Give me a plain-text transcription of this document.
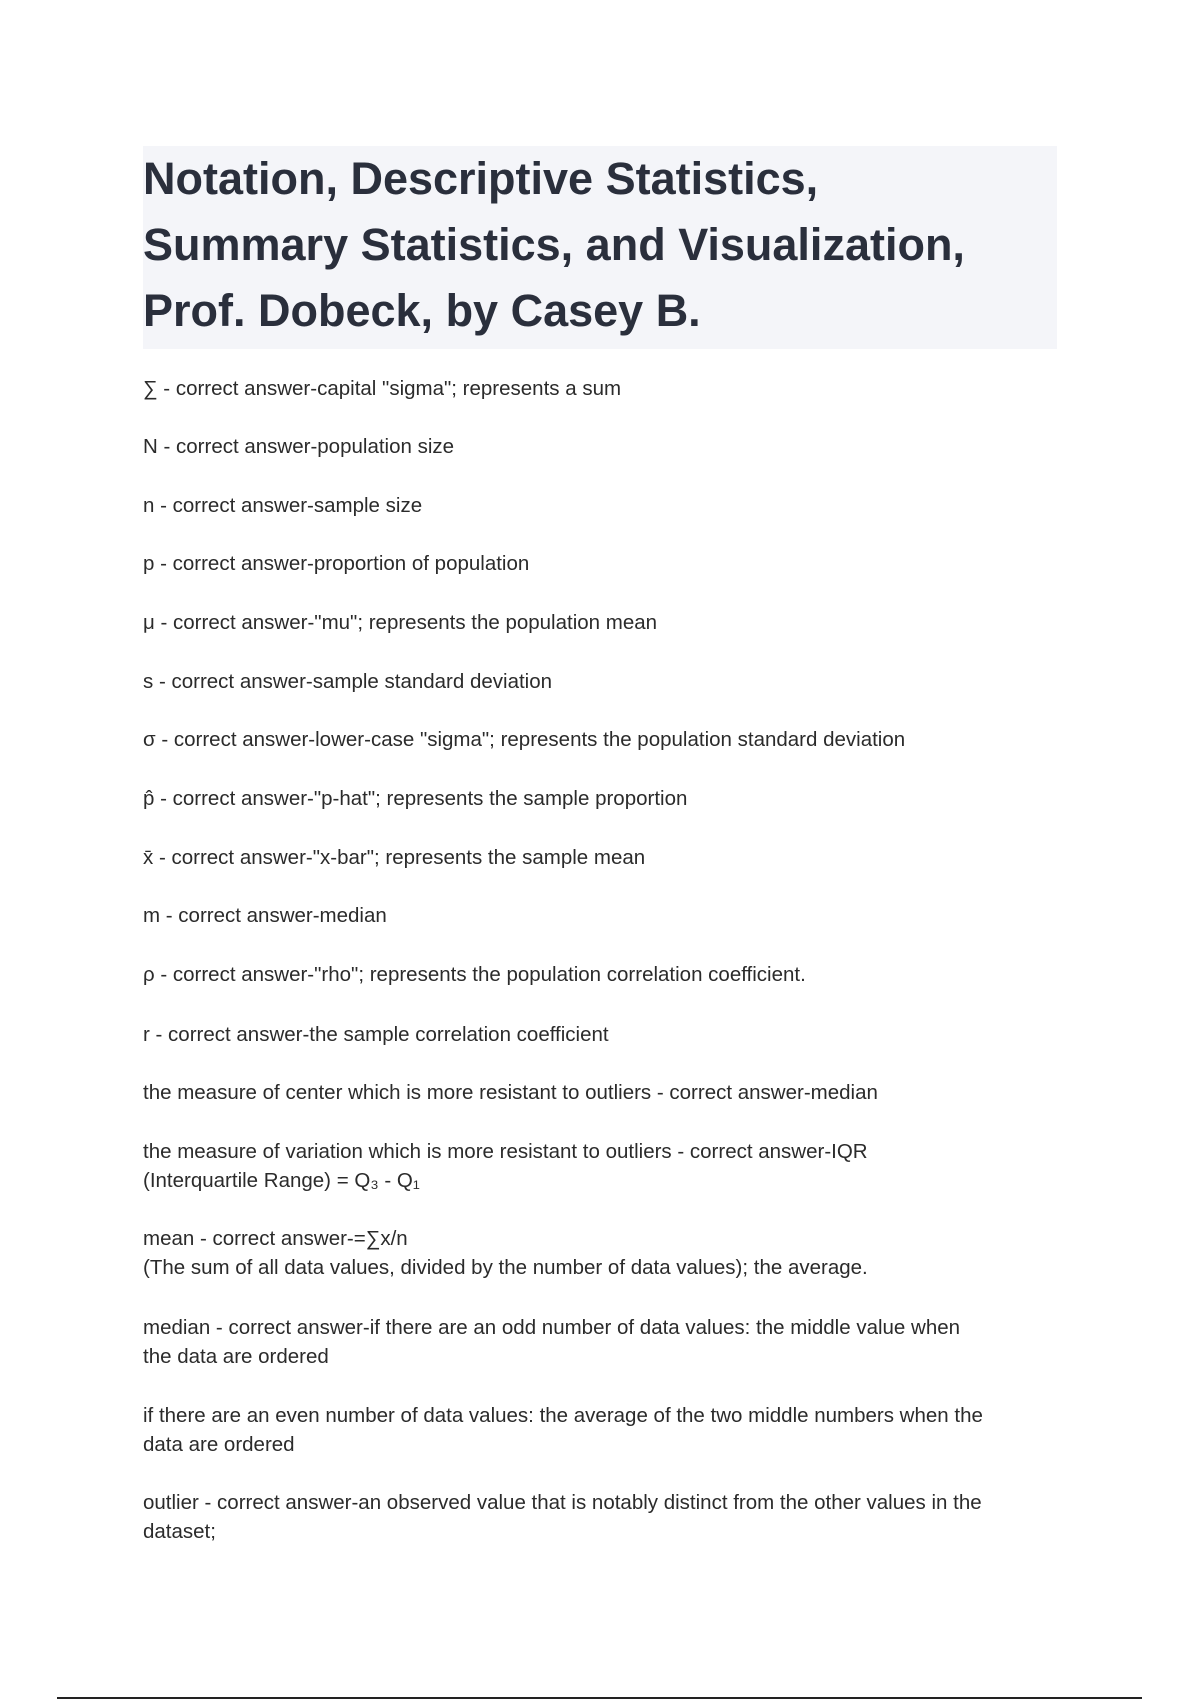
Notation, Descriptive Statistics,
Summary Statistics, and Visualization,
Prof. Dobeck, by Casey B.

∑ - correct answer-capital "sigma"; represents a sum

N - correct answer-population size

n - correct answer-sample size

p - correct answer-proportion of population

μ - correct answer-"mu"; represents the population mean

s - correct answer-sample standard deviation

σ - correct answer-lower-case "sigma"; represents the population standard deviation

p̂ - correct answer-"p-hat"; represents the sample proportion

x̄ - correct answer-"x-bar"; represents the sample mean

m - correct answer-median

ρ - correct answer-"rho"; represents the population correlation coefficient.

r - correct answer-the sample correlation coefficient

the measure of center which is more resistant to outliers - correct answer-median

the measure of variation which is more resistant to outliers - correct answer-IQR
(Interquartile Range) = Q₃ - Q₁

mean - correct answer-=∑x/n
(The sum of all data values, divided by the number of data values); the average.

median - correct answer-if there are an odd number of data values: the middle value when
the data are ordered

if there are an even number of data values: the average of the two middle numbers when the
data are ordered

outlier - correct answer-an observed value that is notably distinct from the other values in the
dataset;
